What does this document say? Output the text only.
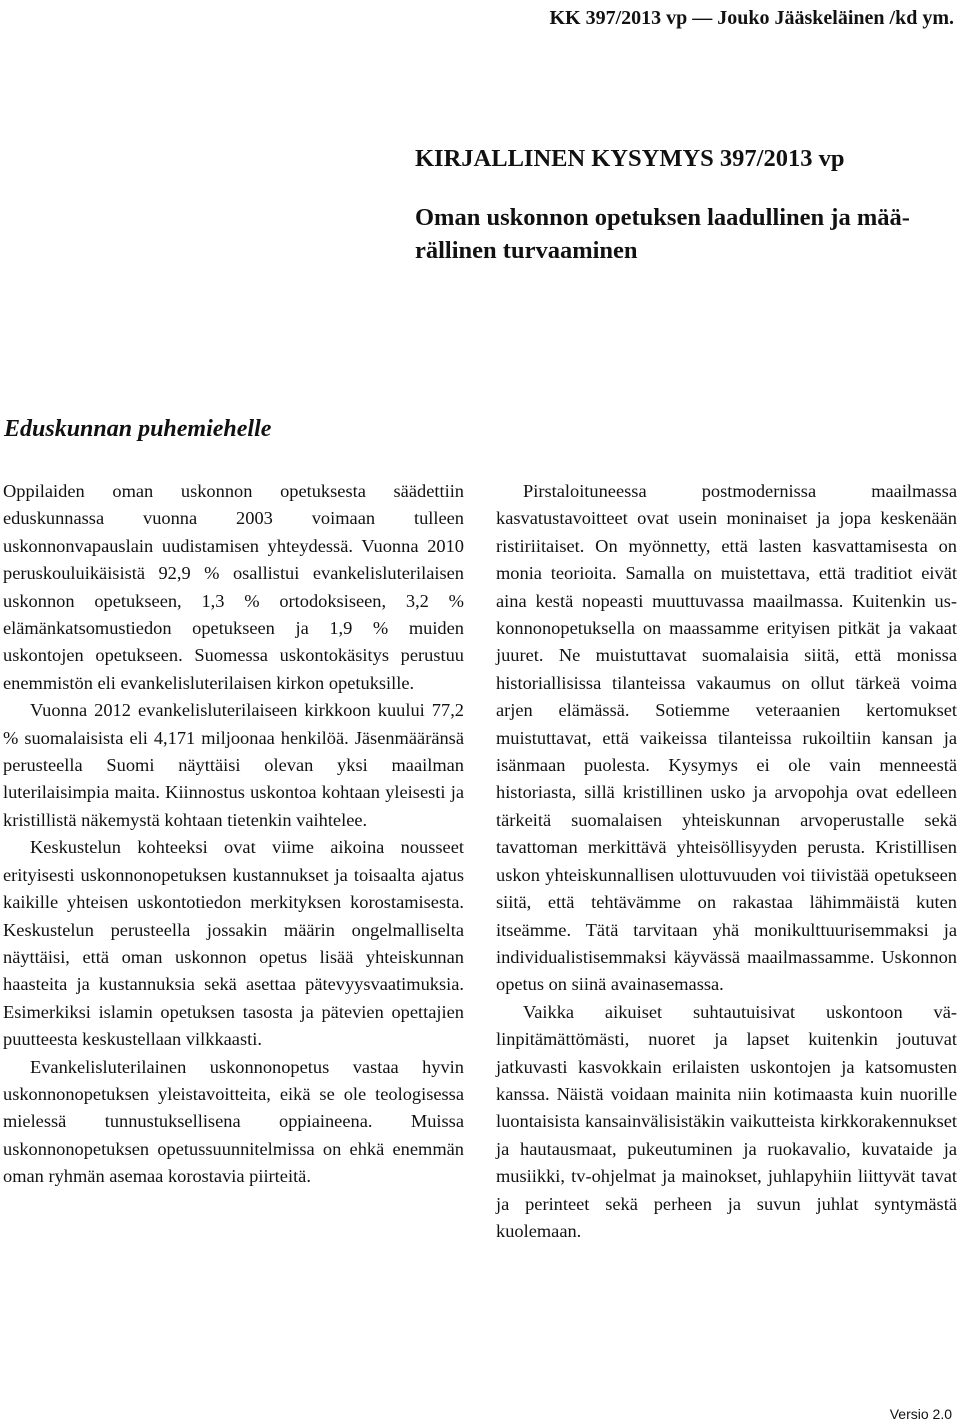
KK 397/2013 vp — Jouko Jääskeläinen /kd ym.
KIRJALLINEN KYSYMYS 397/2013 vp
Oman uskonnon opetuksen laadullinen ja määrällinen turvaaminen
Eduskunnan puhemiehelle

Oppilaiden oman uskonnon opetuksesta säädettiin eduskunnassa vuonna 2003 voimaan tulleen uskonnonvapauslain uudistamisen yhteydessä. Vuonna 2010 peruskouluikäisistä 92,9 % osallistui evankelisluterilaisen uskonnon opetukseen, 1,3 % ortodoksiseen, 3,2 % elämänkatsomustiedon opetukseen ja 1,9 % muiden uskontojen opetukseen. Suomessa uskontokäsitys perustuu enemmistön eli evankelisluterilaisen kirkon opetuksille.

Vuonna 2012 evankelisluterilaiseen kirkkoon kuului 77,2 % suomalaisista eli 4,171 miljoonaa henkilöä. Jäsenmääränsä perusteella Suomi näyttäisi olevan yksi maailman luterilaisimpia maita. Kiinnostus uskontoa kohtaan yleisesti ja kristillistä näkemystä kohtaan tietenkin vaihtelee.

Keskustelun kohteeksi ovat viime aikoina nousseet erityisesti uskonnonopetuksen kustannukset ja toisaalta ajatus kaikille yhteisen uskontotiedon merkityksen korostamisesta. Keskustelun perusteella jossakin määrin ongelmalliselta näyttäisi, että oman uskonnon opetus lisää yhteiskunnan haasteita ja kustannuksia sekä asettaa pätevyysvaatimuksia. Esimerkiksi islamin opetuksen tasosta ja pätevien opettajien puutteesta keskustellaan vilkkaasti.

Evankelisluterilainen uskonnonopetus vastaa hyvin uskonnonopetuksen yleistavoitteita, eikä se ole teologisessa mielessä tunnustuksellisena oppiaineena. Muissa uskonnonopetuksen opetussuunnitelmissa on ehkä enemmän oman ryhmän asemaa korostavia piirteitä.

Pirstaloituneessa postmodernissa maailmassa kasvatustavoitteet ovat usein moninaiset ja jopa keskenään ristiriitaiset. On myönnetty, että lasten kasvattamisesta on monia teorioita. Samalla on muistettava, että traditiot eivät aina kestä nopeasti muuttuvassa maailmassa. Kuitenkin uskonnonopetuksella on maassamme erityisen pitkät ja vakaat juuret. Ne muistuttavat suomalaisia siitä, että monissa historiallisissa tilanteissa vakaumus on ollut tärkeä voima arjen elämässä. Sotiemme veteraanien kertomukset muistuttavat, että vaikeissa tilanteissa rukoiltiin kansan ja isänmaan puolesta. Kysymys ei ole vain menneestä historiasta, sillä kristillinen usko ja arvopohja ovat edelleen tärkeitä suomalaisen yhteiskunnan arvoperustalle sekä tavattoman merkittävä yhteisöllisyyden perusta. Kristillisen uskon yhteiskunnallisen ulottuvuuden voi tiivistää opetukseen siitä, että tehtävämme on rakastaa lähimmäistä kuten itseämme. Tätä tarvitaan yhä monikulttuurisemmaksi ja individualistisemmaksi käyvässä maailmassamme. Uskonnon opetus on siinä avainasemassa.

Vaikka aikuiset suhtautuisivat uskontoon välinpitämättömästi, nuoret ja lapset kuitenkin joutuvat jatkuvasti kasvokkain erilaisten uskontojen ja katsomusten kanssa. Näistä voidaan mainita niin kotimaasta kuin nuorille luontaisista kansainvälisistäkin vaikutteista kirkkorakennukset ja hautausmaat, pukeutuminen ja ruokavalio, kuvataide ja musiikki, tv-ohjelmat ja mainokset, juhlapyhiin liittyvät tavat ja perinteet sekä perheen ja suvun juhlat syntymästä kuolemaan.

Versio 2.0
